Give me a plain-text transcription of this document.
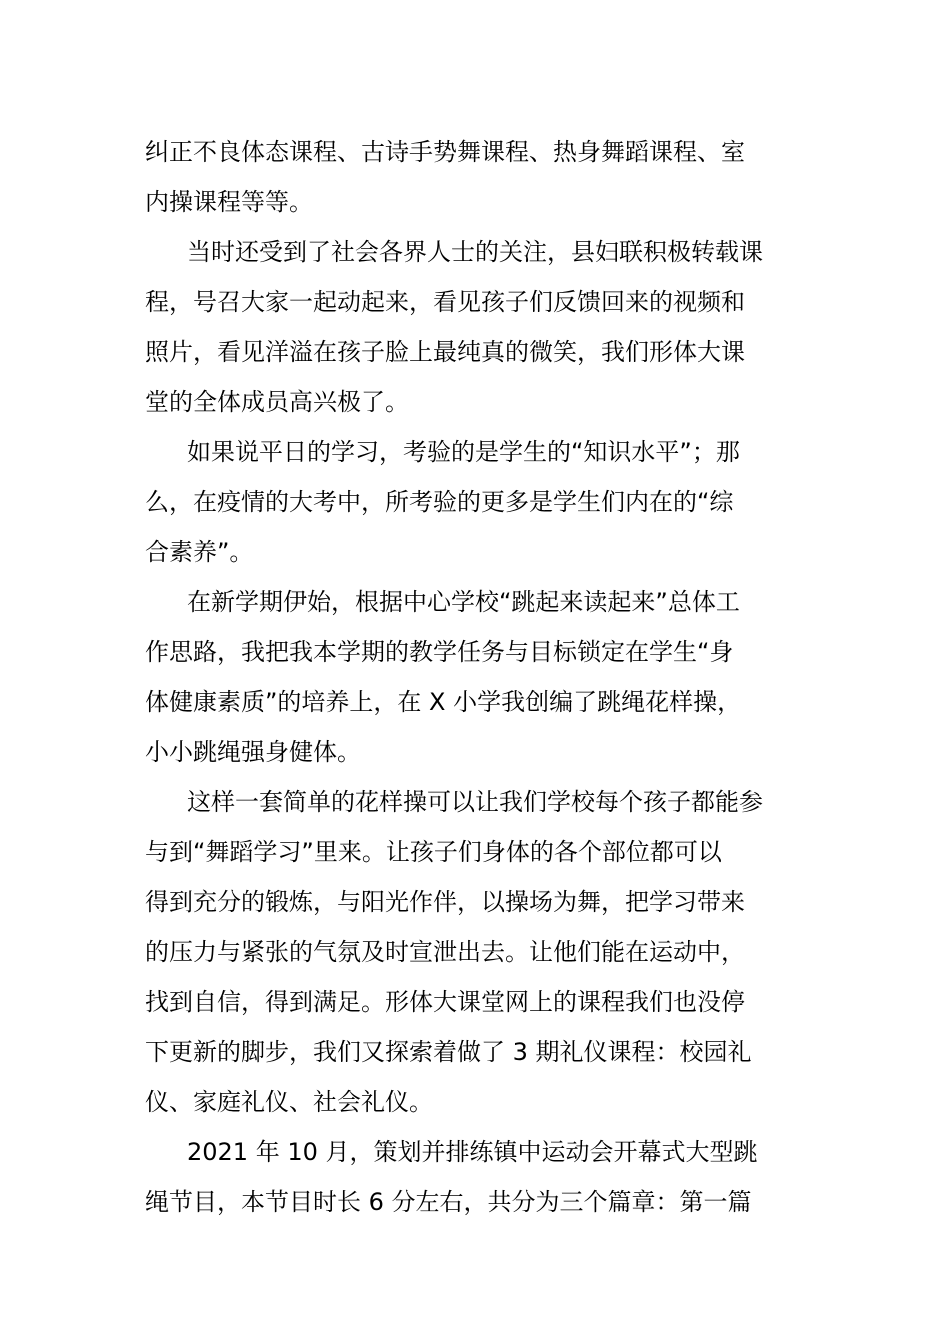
纠正不良体态课程、古诗手势舞课程、热身舞蹈课程、室
内操课程等等。
当时还受到了社会各界人士的关注，县妇联积极转载课
程，号召大家一起动起来，看见孩子们反馈回来的视频和
照片，看见洋溢在孩子脸上最纯真的微笑，我们形体大课
堂的全体成员高兴极了。
如果说平日的学习，考验的是学生的“知识水平”；那
么，在疫情的大考中，所考验的更多是学生们内在的“综
合素养”。
在新学期伊始，根据中心学校“跳起来读起来”总体工
作思路，我把我本学期的教学任务与目标锁定在学生“身
体健康素质”的培养上，在 X 小学我创编了跳绳花样操，
小小跳绳强身健体。
这样一套简单的花样操可以让我们学校每个孩子都能参
与到“舞蹈学习”里来。让孩子们身体的各个部位都可以
得到充分的锻炼，与阳光作伴，以操场为舞，把学习带来
的压力与紧张的气氛及时宣泄出去。让他们能在运动中，
找到自信，得到满足。形体大课堂网上的课程我们也没停
下更新的脚步，我们又探索着做了 3 期礼仪课程：校园礼
仪、家庭礼仪、社会礼仪。
2021 年 10 月，策划并排练镇中运动会开幕式大型跳
绳节目，本节目时长 6 分左右，共分为三个篇章：第一篇
